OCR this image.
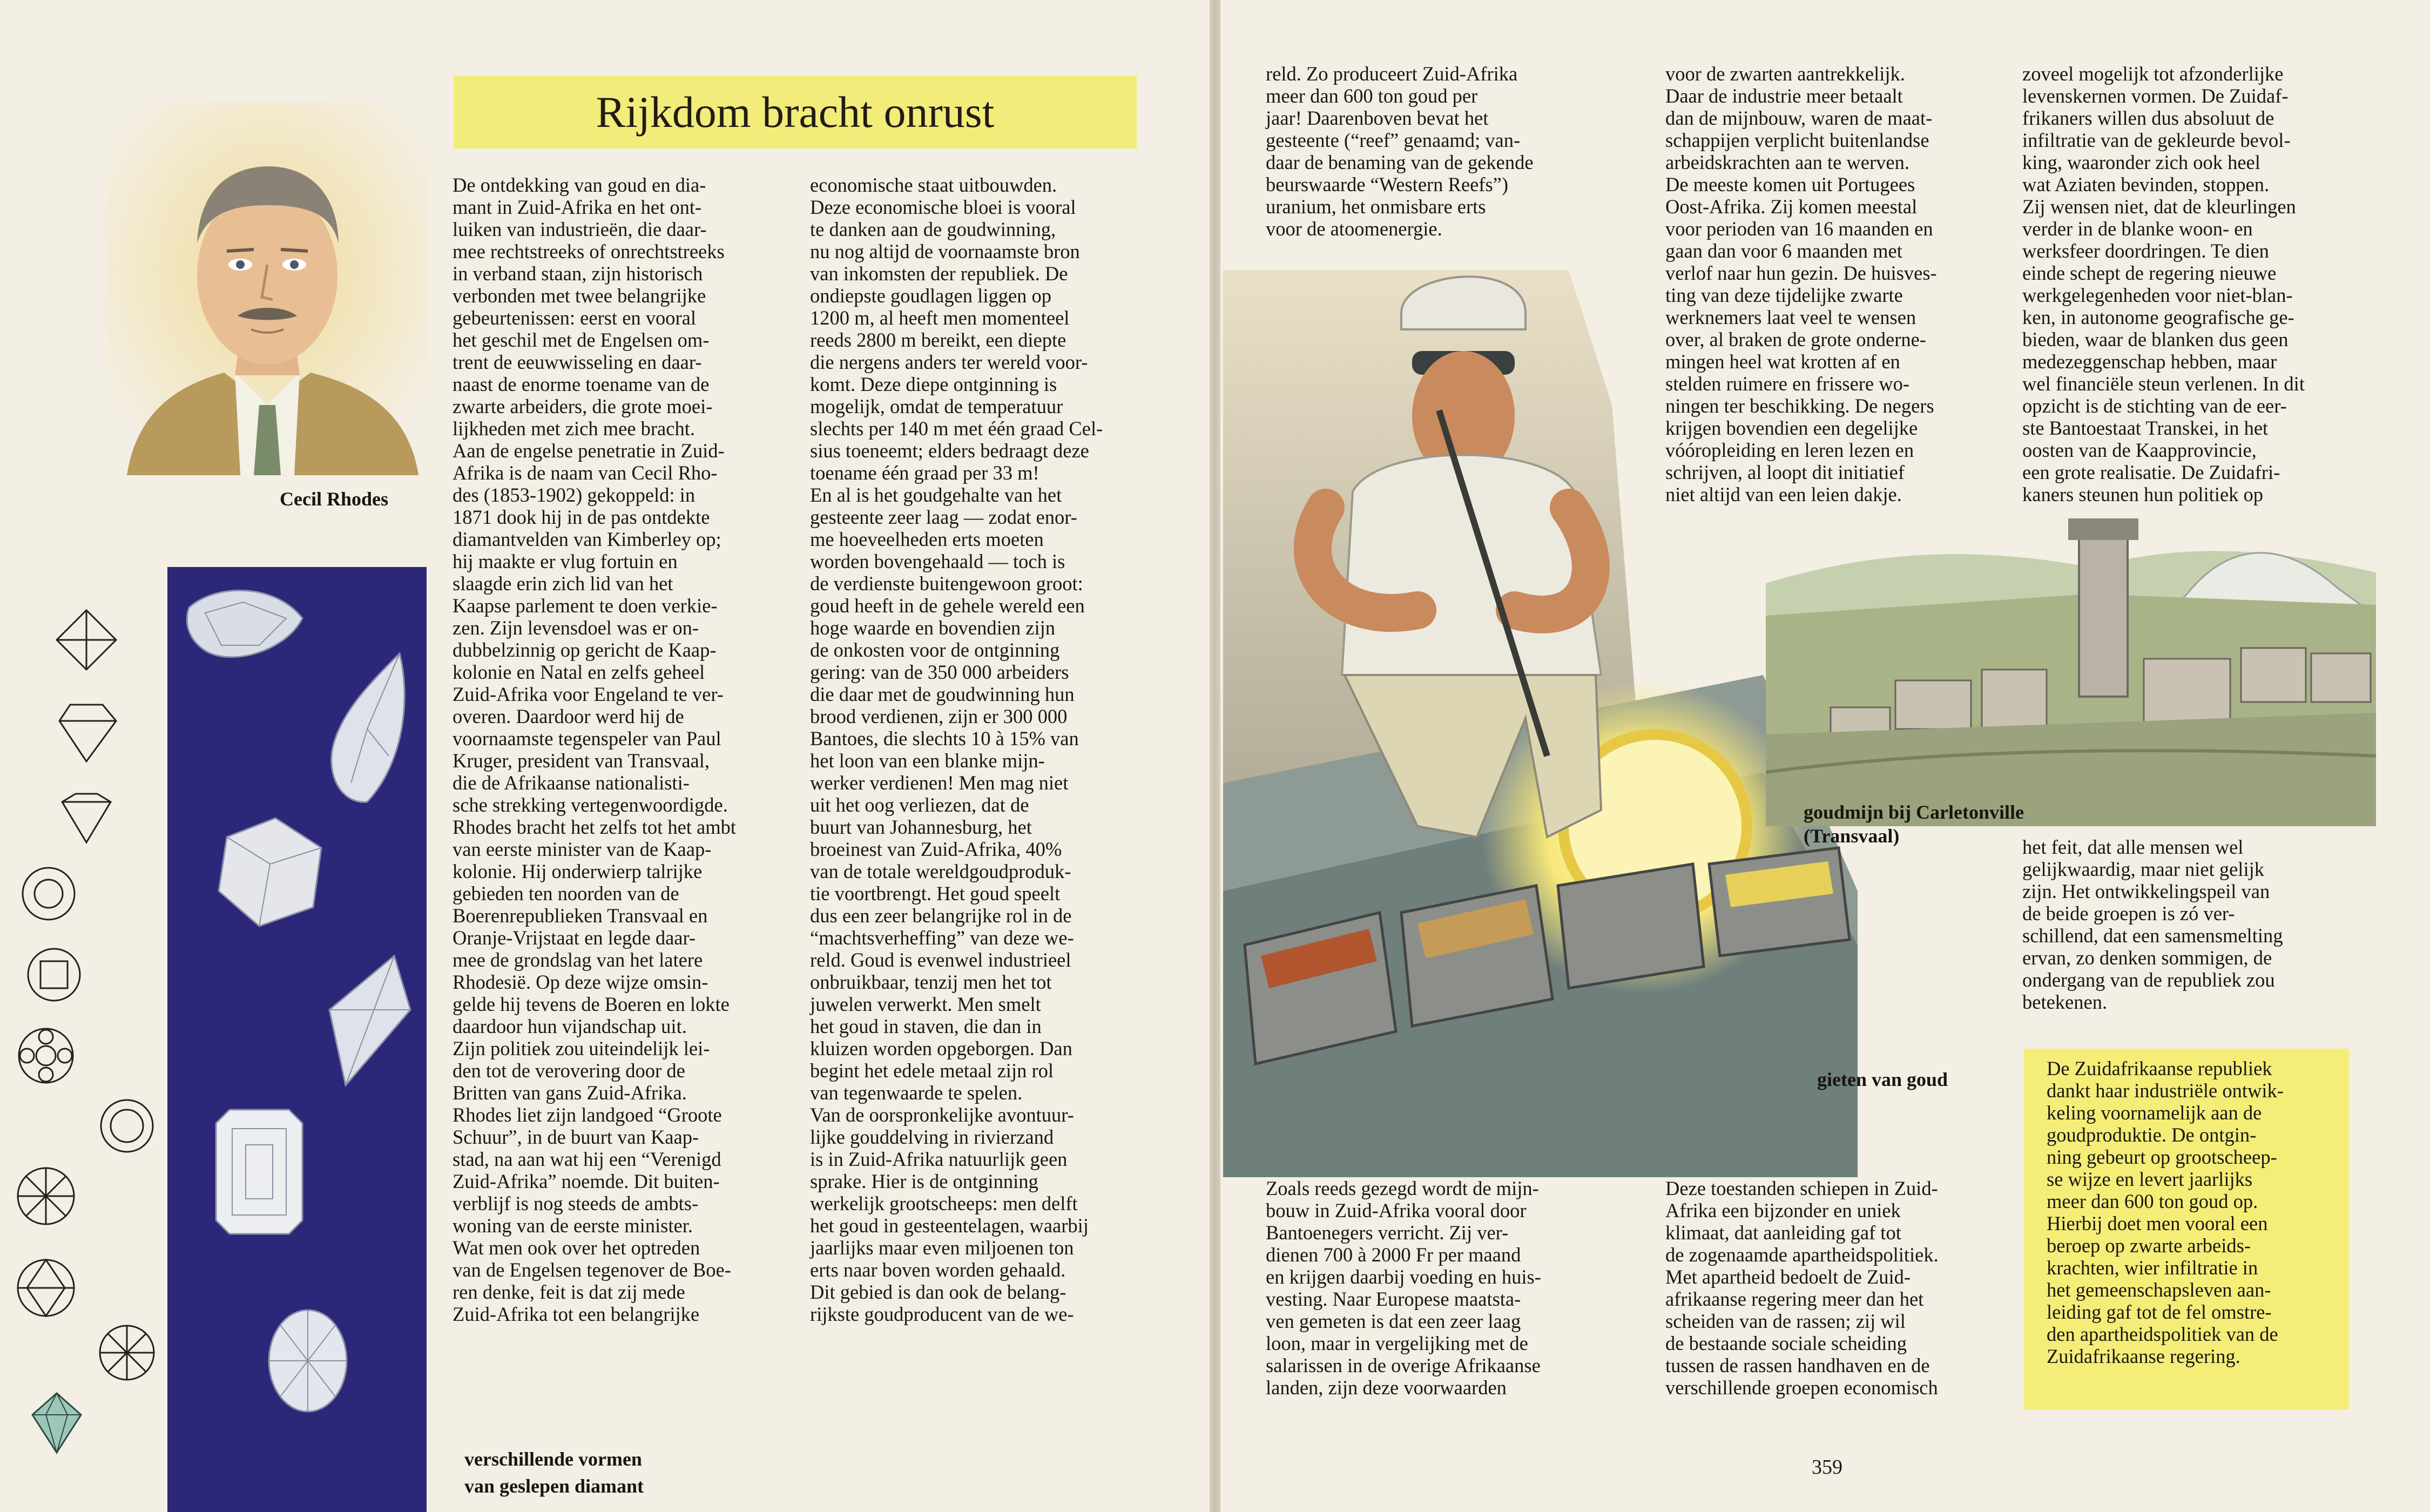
Rijkdom bracht onrust

Cecil Rhodes

verschillende vormen

van geslepen diamant

De ontdekking van goud en dia-

mant in Zuid-Afrika en het ont-

luiken van industrieën, die daar-

mee rechtstreeks of onrechtstreeks

in verband staan, zijn historisch

verbonden met twee belangrijke

gebeurtenissen: eerst en vooral

het geschil met de Engelsen om-

trent de eeuwwisseling en daar-

naast de enorme toename van de

zwarte arbeiders, die grote moei-

lijkheden met zich mee bracht.

Aan de engelse penetratie in Zuid-

Afrika is de naam van Cecil Rho-

des (1853-1902) gekoppeld: in

1871 dook hij in de pas ontdekte

diamantvelden van Kimberley op;

hij maakte er vlug fortuin en

slaagde erin zich lid van het

Kaapse parlement te doen verkie-

zen. Zijn levensdoel was er on-

dubbelzinnig op gericht de Kaap-

kolonie en Natal en zelfs geheel

Zuid-Afrika voor Engeland te ver-

overen. Daardoor werd hij de

voornaamste tegenspeler van Paul

Kruger, president van Transvaal,

die de Afrikaanse nationalisti-

sche strekking vertegenwoordigde.

Rhodes bracht het zelfs tot het ambt

van eerste minister van de Kaap-

kolonie. Hij onderwierp talrijke

gebieden ten noorden van de

Boerenrepublieken Transvaal en

Oranje-Vrijstaat en legde daar-

mee de grondslag van het latere

Rhodesië. Op deze wijze omsin-

gelde hij tevens de Boeren en lokte

daardoor hun vijandschap uit.

Zijn politiek zou uiteindelijk lei-

den tot de verovering door de

Britten van gans Zuid-Afrika.

Rhodes liet zijn landgoed “Groote

Schuur”, in de buurt van Kaap-

stad, na aan wat hij een “Verenigd

Zuid-Afrika” noemde. Dit buiten-

verblijf is nog steeds de ambts-

woning van de eerste minister.

Wat men ook over het optreden

van de Engelsen tegenover de Boe-

ren denke, feit is dat zij mede

Zuid-Afrika tot een belangrijke

economische staat uitbouwden.

Deze economische bloei is vooral

te danken aan de goudwinning,

nu nog altijd de voornaamste bron

van inkomsten der republiek. De

ondiepste goudlagen liggen op

1200 m, al heeft men momenteel

reeds 2800 m bereikt, een diepte

die nergens anders ter wereld voor-

komt. Deze diepe ontginning is

mogelijk, omdat de temperatuur

slechts per 140 m met één graad Cel-

sius toeneemt; elders bedraagt deze

toename één graad per 33 m!

En al is het goudgehalte van het

gesteente zeer laag — zodat enor-

me hoeveelheden erts moeten

worden bovengehaald — toch is

de verdienste buitengewoon groot:

goud heeft in de gehele wereld een

hoge waarde en bovendien zijn

de onkosten voor de ontginning

gering: van de 350 000 arbeiders

die daar met de goudwinning hun

brood verdienen, zijn er 300 000

Bantoes, die slechts 10 à 15% van

het loon van een blanke mijn-

werker verdienen! Men mag niet

uit het oog verliezen, dat de

buurt van Johannesburg, het

broeinest van Zuid-Afrika, 40%

van de totale wereldgoudproduk-

tie voortbrengt. Het goud speelt

dus een zeer belangrijke rol in de

“machtsverheffing” van deze we-

reld. Goud is evenwel industrieel

onbruikbaar, tenzij men het tot

juwelen verwerkt. Men smelt

het goud in staven, die dan in

kluizen worden opgeborgen. Dan

begint het edele metaal zijn rol

van tegenwaarde te spelen.

Van de oorspronkelijke avontuur-

lijke gouddelving in rivierzand

is in Zuid-Afrika natuurlijk geen

sprake. Hier is de ontginning

werkelijk grootscheeps: men delft

het goud in gesteentelagen, waarbij

jaarlijks maar even miljoenen ton

erts naar boven worden gehaald.

Dit gebied is dan ook de belang-

rijkste goudproducent van de we-

goudmijn bij Carletonville

(Transvaal)

gieten van goud

reld. Zo produceert Zuid-Afrika

meer dan 600 ton goud per

jaar! Daarenboven bevat het

gesteente (“reef” genaamd; van-

daar de benaming van de gekende

beurswaarde “Western Reefs”)

uranium, het onmisbare erts

voor de atoomenergie.

Zoals reeds gezegd wordt de mijn-

bouw in Zuid-Afrika vooral door

Bantoenegers verricht. Zij ver-

dienen 700 à 2000 Fr per maand

en krijgen daarbij voeding en huis-

vesting. Naar Europese maatsta-

ven gemeten is dat een zeer laag

loon, maar in vergelijking met de

salarissen in de overige Afrikaanse

landen, zijn deze voorwaarden

voor de zwarten aantrekkelijk.

Daar de industrie meer betaalt

dan de mijnbouw, waren de maat-

schappijen verplicht buitenlandse

arbeidskrachten aan te werven.

De meeste komen uit Portugees

Oost-Afrika. Zij komen meestal

voor perioden van 16 maanden en

gaan dan voor 6 maanden met

verlof naar hun gezin. De huisves-

ting van deze tijdelijke zwarte

werknemers laat veel te wensen

over, al braken de grote onderne-

mingen heel wat krotten af en

stelden ruimere en frissere wo-

ningen ter beschikking. De negers

krijgen bovendien een degelijke

vóóropleiding en leren lezen en

schrijven, al loopt dit initiatief

niet altijd van een leien dakje.

Deze toestanden schiepen in Zuid-

Afrika een bijzonder en uniek

klimaat, dat aanleiding gaf tot

de zogenaamde apartheidspolitiek.

Met apartheid bedoelt de Zuid-

afrikaanse regering meer dan het

scheiden van de rassen; zij wil

de bestaande sociale scheiding

tussen de rassen handhaven en de

verschillende groepen economisch

zoveel mogelijk tot afzonderlijke

levenskernen vormen. De Zuidaf-

frikaners willen dus absoluut de

infiltratie van de gekleurde bevol-

king, waaronder zich ook heel

wat Aziaten bevinden, stoppen.

Zij wensen niet, dat de kleurlingen

verder in de blanke woon- en

werksfeer doordringen. Te dien

einde schept de regering nieuwe

werkgelegenheden voor niet-blan-

ken, in autonome geografische ge-

bieden, waar de blanken dus geen

medezeggenschap hebben, maar

wel financiële steun verlenen. In dit

opzicht is de stichting van de eer-

ste Bantoestaat Transkei, in het

oosten van de Kaapprovincie,

een grote realisatie. De Zuidafri-

kaners steunen hun politiek op

het feit, dat alle mensen wel

gelijkwaardig, maar niet gelijk

zijn. Het ontwikkelingspeil van

de beide groepen is zó ver-

schillend, dat een samensmelting

ervan, zo denken sommigen, de

ondergang van de republiek zou

betekenen.

De Zuidafrikaanse republiek

dankt haar industriële ontwik-

keling voornamelijk aan de

goudproduktie. De ontgin-

ning gebeurt op grootscheep-

se wijze en levert jaarlijks

meer dan 600 ton goud op.

Hierbij doet men vooral een

beroep op zwarte arbeids-

krachten, wier infiltratie in

het gemeenschapsleven aan-

leiding gaf tot de fel omstre-

den apartheidspolitiek van de

Zuidafrikaanse regering.

359
